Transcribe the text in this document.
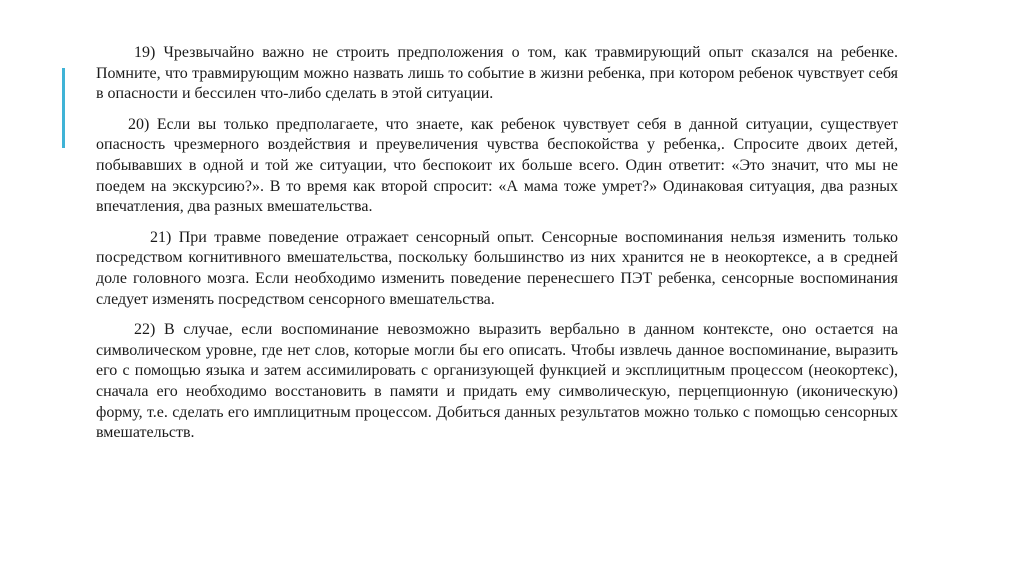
19) Чрезвычайно важно не строить предположения о том, как травмирующий опыт сказался на ребенке. Помните, что травмирующим можно назвать лишь то событие в жизни ребенка, при котором ребенок чувствует себя в опасности и бессилен что-либо сделать в этой ситуации.

20) Если вы только предполагаете, что знаете, как ребенок чувствует себя в данной ситуации, существует опасность чрезмерного воздействия и преувеличения чувства беспокойства у ребенка,. Спросите двоих детей, побывавших в одной и той же ситуации, что беспокоит их больше всего. Один ответит: «Это значит, что мы не поедем на экскурсию?». В то время как второй спросит: «А мама тоже умрет?» Одинаковая ситуация, два разных впечатления, два разных вмешательства.

21) При травме поведение отражает сенсорный опыт. Сенсорные воспоминания нельзя изменить только посредством когнитивного вмешательства, поскольку большинство из них хранится не в неокортексе, а в средней доле головного мозга. Если необходимо изменить поведение перенесшего ПЭТ ребенка, сенсорные воспоминания следует изменять посредством сенсорного вмешательства.

22) В случае, если воспоминание невозможно выразить вербально в данном контексте, оно остается на символическом уровне, где нет слов, которые могли бы его описать. Чтобы извлечь данное воспоминание, выразить его с помощью языка и затем ассимилировать с организующей функцией и эксплицитным процессом (неокортекс), сначала его необходимо восстановить в памяти и придать ему символическую, перцепционную (иконическую) форму, т.е. сделать его имплицитным процессом. Добиться данных результатов можно только с помощью сенсорных вмешательств.
